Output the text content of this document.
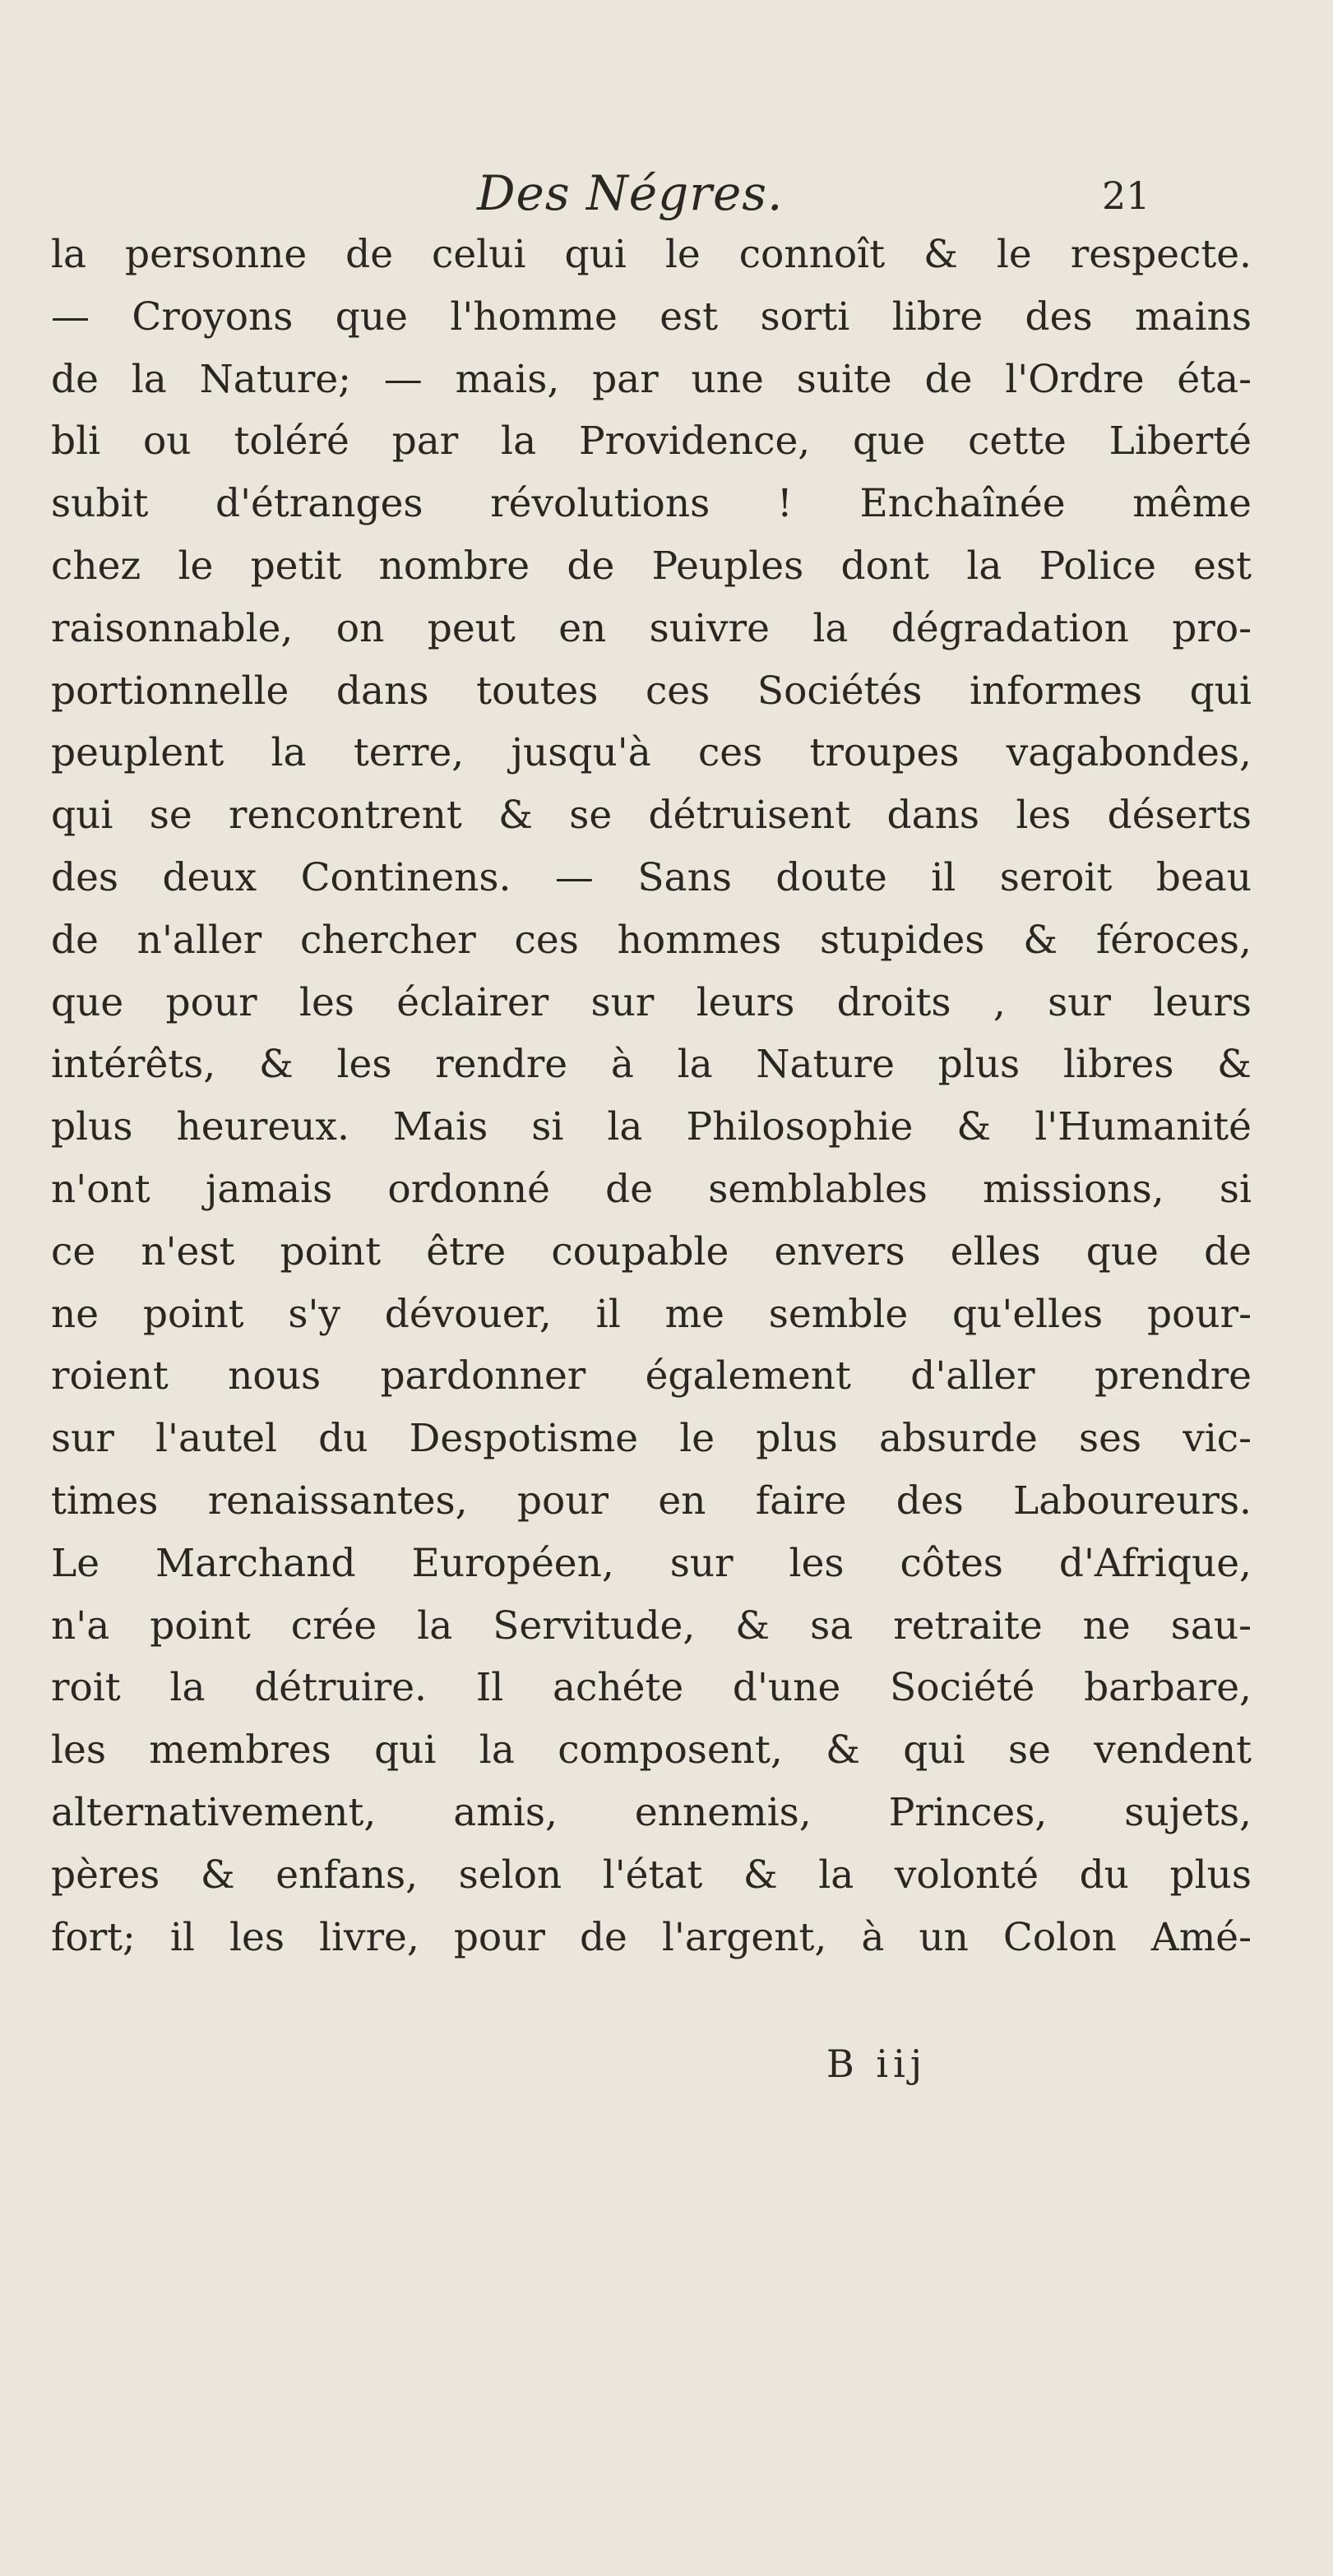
Des Négres.	21
la personne de celui qui le connoît & le respecte.
— Croyons que l'homme est sorti libre des mains
de la Nature; — mais, par une suite de l'Ordre éta-
bli ou toléré par la Providence, que cette Liberté
subit d'étranges révolutions ! Enchaînée même
chez le petit nombre de Peuples dont la Police est
raisonnable, on peut en suivre la dégradation pro-
portionnelle dans toutes ces Sociétés informes qui
peuplent la terre, jusqu'à ces troupes vagabondes,
qui se rencontrent & se détruisent dans les déserts
des deux Continens. — Sans doute il seroit beau
de n'aller chercher ces hommes stupides & féroces,
que pour les éclairer sur leurs droits , sur leurs
intérêts, & les rendre à la Nature plus libres &
plus heureux. Mais si la Philosophie & l'Humanité
n'ont jamais ordonné de semblables missions, si
ce n'est point être coupable envers elles que de
ne point s'y dévouer, il me semble qu'elles pour-
roient nous pardonner également d'aller prendre
sur l'autel du Despotisme le plus absurde ses vic-
times renaissantes, pour en faire des Laboureurs.
Le Marchand Européen, sur les côtes d'Afrique,
n'a point crée la Servitude, & sa retraite ne sau-
roit la détruire. Il achéte d'une Société barbare,
les membres qui la composent, & qui se vendent
alternativement, amis, ennemis, Princes, sujets,
pères & enfans, selon l'état & la volonté du plus
fort; il les livre, pour de l'argent, à un Colon Amé-
B iij
